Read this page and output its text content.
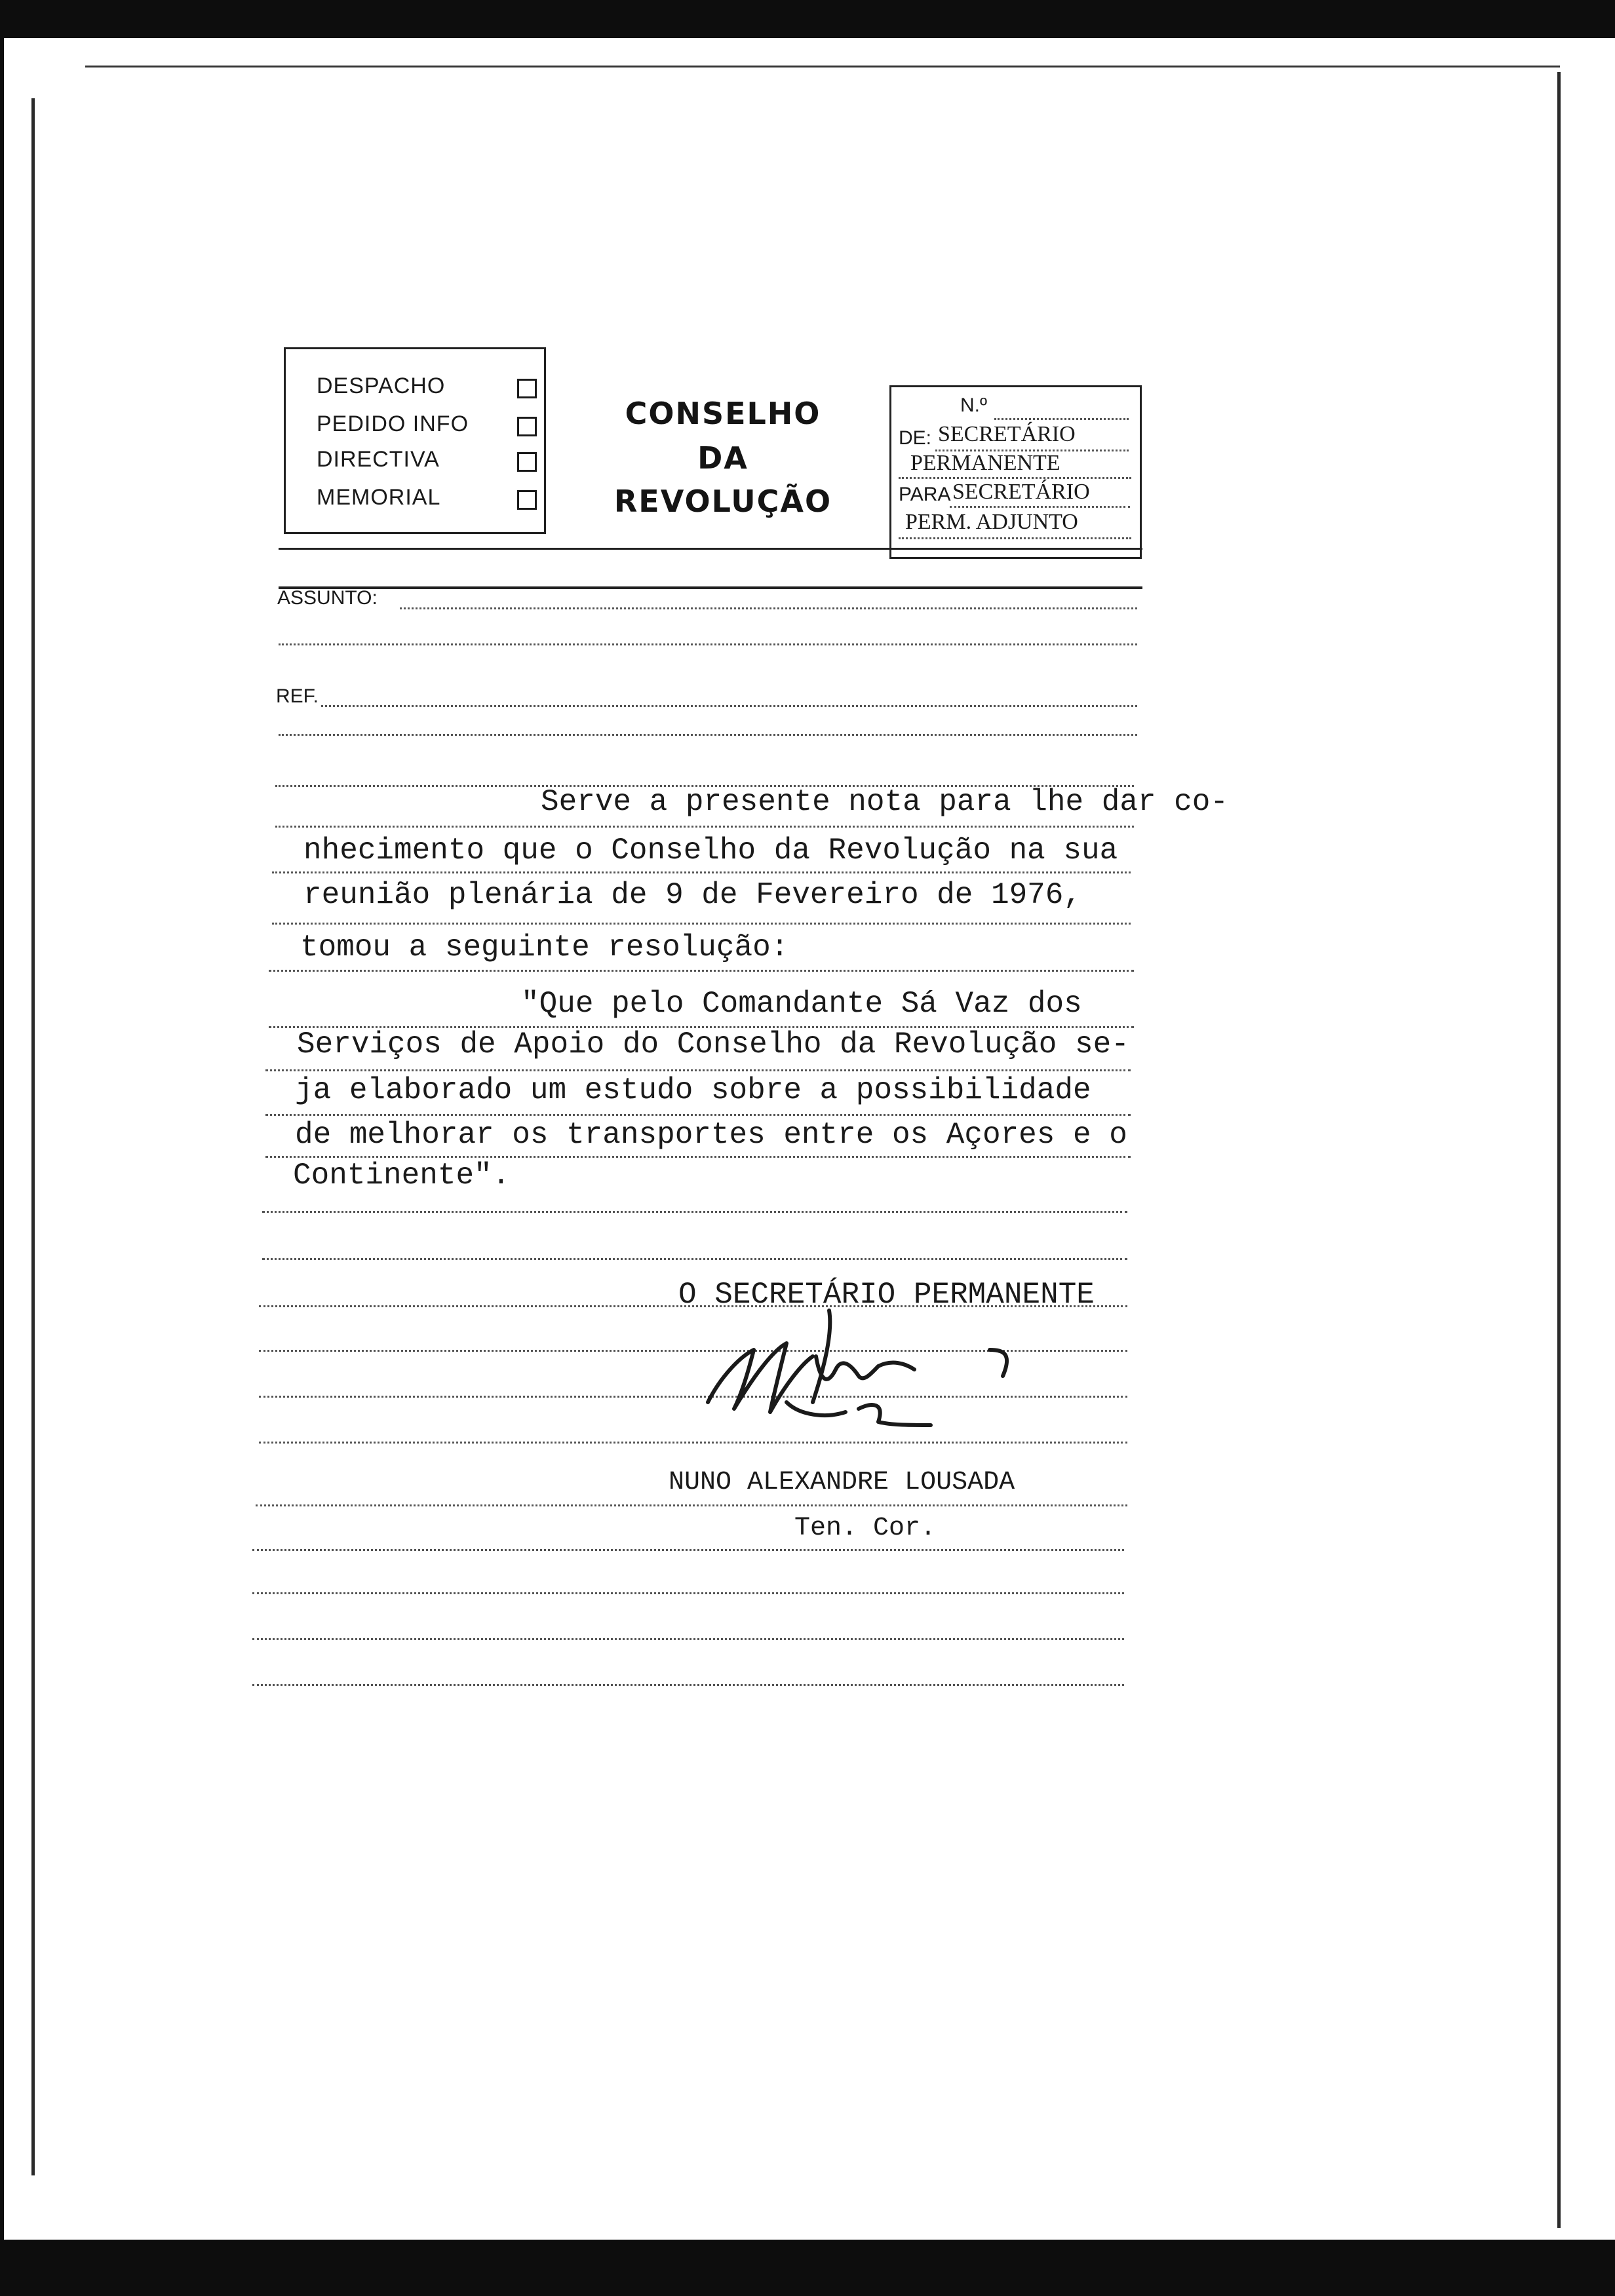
DESPACHO
PEDIDO INFO
DIRECTIVA
MEMORIAL
CONSELHO
DA
REVOLUÇÃO
N.º
DE: SECRETÁRIO
PERMANENTE
PARA SECRETÁRIO
PERM. ADJUNTO
ASSUNTO:
REF.
Serve a presente nota para lhe dar co-
nhecimento que o Conselho da Revolução na sua
reunião plenária de 9 de Fevereiro de 1976,
tomou a seguinte resolução:
"Que pelo Comandante Sá Vaz dos
Serviços de Apoio do Conselho da Revolução se-
ja elaborado um estudo sobre a possibilidade
de melhorar os transportes entre os Açores e o
Continente".
O SECRETÁRIO PERMANENTE
NUNO ALEXANDRE LOUSADA
Ten. Cor.
